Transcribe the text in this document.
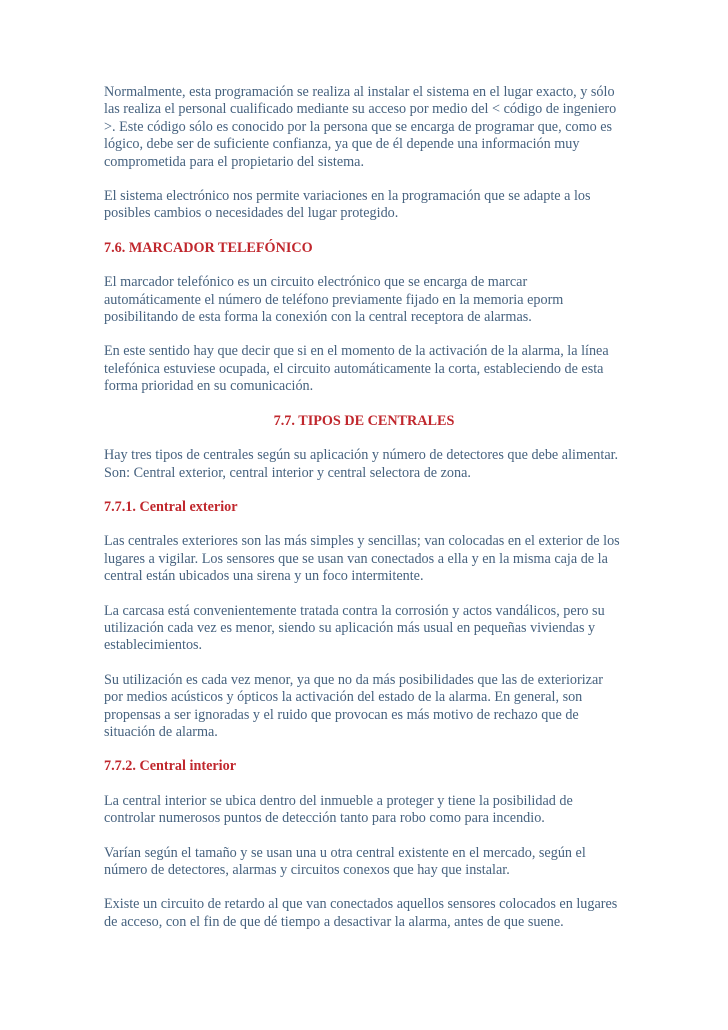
Normalmente, esta programación se realiza al instalar el sistema en el lugar exacto, y sólo las realiza el personal cualificado mediante su acceso por medio del < código de ingeniero >. Este código sólo es conocido por la persona que se encarga de programar que, como es lógico, debe ser de suficiente confianza, ya que de él depende una información muy comprometida para el propietario del sistema.

El sistema electrónico nos permite variaciones en la programación que se adapte a los posibles cambios o necesidades del lugar protegido.

7.6. MARCADOR TELEFÓNICO

El marcador telefónico es un circuito electrónico que se encarga de marcar automáticamente el número de teléfono previamente fijado en la memoria eporm posibilitando de esta forma la conexión con la central receptora de alarmas.

En este sentido hay que decir que si en el momento de la activación de la alarma, la línea telefónica estuviese ocupada, el circuito automáticamente la corta, estableciendo de esta forma prioridad en su comunicación.

7.7. TIPOS DE CENTRALES

Hay tres tipos de centrales según su aplicación y número de detectores que debe alimentar. Son: Central exterior, central interior y central selectora de zona.

7.7.1. Central exterior

Las centrales exteriores son las más simples y sencillas; van colocadas en el exterior de los lugares a vigilar. Los sensores que se usan van conectados a ella y en la misma caja de la central están ubicados una sirena y un foco intermitente.

La carcasa está convenientemente tratada contra la corrosión y actos vandálicos, pero su utilización cada vez es menor, siendo su aplicación más usual en pequeñas viviendas y establecimientos.

Su utilización es cada vez menor, ya que no da más posibilidades que las de exteriorizar por medios acústicos y ópticos la activación del estado de la alarma. En general, son propensas a ser ignoradas y el ruido que provocan es más motivo de rechazo que de situación de alarma.

7.7.2. Central interior

La central interior se ubica dentro del inmueble a proteger y tiene la posibilidad de controlar numerosos puntos de detección tanto para robo como para incendio.

Varían según el tamaño y se usan una u otra central existente en el mercado, según el número de detectores, alarmas y circuitos conexos que hay que instalar.

Existe un circuito de retardo al que van conectados aquellos sensores colocados en lugares de acceso, con el fin de que dé tiempo a desactivar la alarma, antes de que suene.
